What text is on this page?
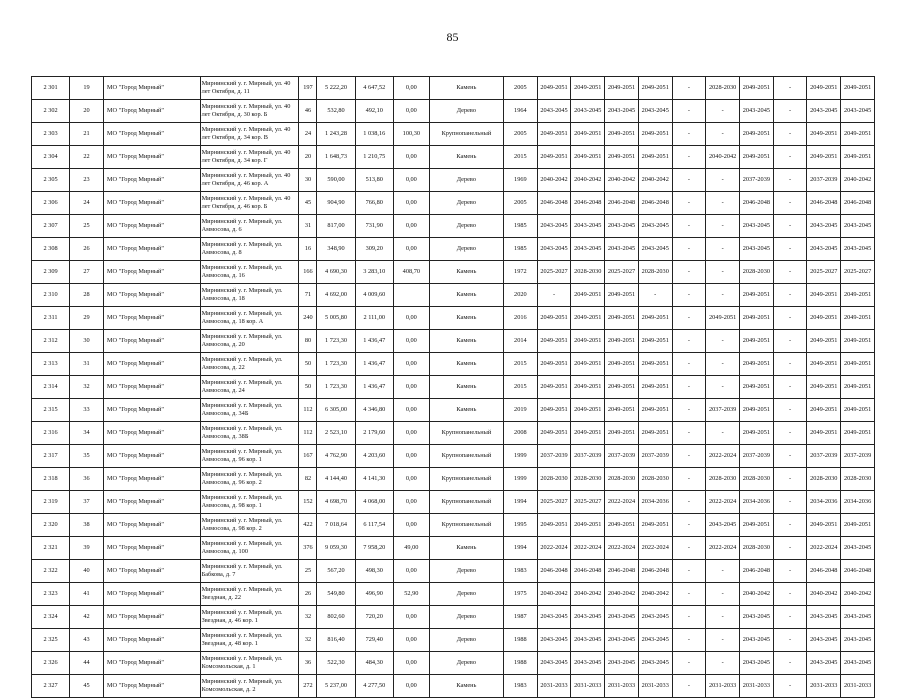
85
2 301	19	МО "Город Мирный"	Мирнинский у. г. Мирный, ул. 40 лет Октября, д. 11	197	5 222,20	4 647,52	0,00	Камень	2005	2049-2051	2049-2051	2049-2051	2049-2051	-	2028-2030	2049-2051	-	2049-2051	2049-2051
2 302	20	МО "Город Мирный"	Мирнинский у. г. Мирный, ул. 40 лет Октября, д. 30 кор. Б	46	532,80	492,10	0,00	Дерево	1964	2043-2045	2043-2045	2043-2045	2043-2045	-	-	2043-2045	-	2043-2045	2043-2045
2 303	21	МО "Город Мирный"	Мирнинский у. г. Мирный, ул. 40 лет Октября, д. 34 кор. В	24	1 243,28	1 038,16	100,30	Крупнопанельный	2005	2049-2051	2049-2051	2049-2051	2049-2051	-	-	2049-2051	-	2049-2051	2049-2051
2 304	22	МО "Город Мирный"	Мирнинский у. г. Мирный, ул. 40 лет Октября, д. 34 кор. Г	20	1 648,73	1 210,75	0,00	Камень	2015	2049-2051	2049-2051	2049-2051	2049-2051	-	2040-2042	2049-2051	-	2049-2051	2049-2051
2 305	23	МО "Город Мирный"	Мирнинский у. г. Мирный, ул. 40 лет Октября, д. 46 кор. А	30	590,00	513,80	0,00	Дерево	1969	2040-2042	2040-2042	2040-2042	2040-2042	-	-	2037-2039	-	2037-2039	2040-2042
2 306	24	МО "Город Мирный"	Мирнинский у. г. Мирный, ул. 40 лет Октября, д. 46 кор. Б	45	904,90	766,80	0,00	Дерево	2005	2046-2048	2046-2048	2046-2048	2046-2048	-	-	2046-2048	-	2046-2048	2046-2048
2 307	25	МО "Город Мирный"	Мирнинский у. г. Мирный, ул. Аммосова, д. 6	31	817,00	731,90	0,00	Дерево	1985	2043-2045	2043-2045	2043-2045	2043-2045	-	-	2043-2045	-	2043-2045	2043-2045
2 308	26	МО "Город Мирный"	Мирнинский у. г. Мирный, ул. Аммосова, д. 8	16	348,90	309,20	0,00	Дерево	1985	2043-2045	2043-2045	2043-2045	2043-2045	-	-	2043-2045	-	2043-2045	2043-2045
2 309	27	МО "Город Мирный"	Мирнинский у. г. Мирный, ул. Аммосова, д. 16	166	4 690,30	3 283,10	408,70	Камень	1972	2025-2027	2028-2030	2025-2027	2028-2030	-	-	2028-2030	-	2025-2027	2025-2027
2 310	28	МО "Город Мирный"	Мирнинский у. г. Мирный, ул. Аммосова, д. 18	71	4 692,00	4 009,60		Камень	2020	-	2049-2051	2049-2051	-	-	-	2049-2051	-	2049-2051	2049-2051
2 311	29	МО "Город Мирный"	Мирнинский у. г. Мирный, ул. Аммосова, д. 18 кор. А	240	5 005,80	2 111,00	0,00	Камень	2016	2049-2051	2049-2051	2049-2051	2049-2051	-	2049-2051	2049-2051	-	2049-2051	2049-2051
2 312	30	МО "Город Мирный"	Мирнинский у. г. Мирный, ул. Аммосова, д. 20	80	1 723,30	1 436,47	0,00	Камень	2014	2049-2051	2049-2051	2049-2051	2049-2051	-	-	2049-2051	-	2049-2051	2049-2051
2 313	31	МО "Город Мирный"	Мирнинский у. г. Мирный, ул. Аммосова, д. 22	50	1 723,30	1 436,47	0,00	Камень	2015	2049-2051	2049-2051	2049-2051	2049-2051	-	-	2049-2051	-	2049-2051	2049-2051
2 314	32	МО "Город Мирный"	Мирнинский у. г. Мирный, ул. Аммосова, д. 24	50	1 723,30	1 436,47	0,00	Камень	2015	2049-2051	2049-2051	2049-2051	2049-2051	-	-	2049-2051	-	2049-2051	2049-2051
2 315	33	МО "Город Мирный"	Мирнинский у. г. Мирный, ул. Аммосова, д. 34Б	112	6 305,00	4 346,80	0,00	Камень	2019	2049-2051	2049-2051	2049-2051	2049-2051	-	2037-2039	2049-2051	-	2049-2051	2049-2051
2 316	34	МО "Город Мирный"	Мирнинский у. г. Мирный, ул. Аммосова, д. 38Б	112	2 523,10	2 179,60	0,00	Крупнопанельный	2008	2049-2051	2049-2051	2049-2051	2049-2051	-	-	2049-2051	-	2049-2051	2049-2051
2 317	35	МО "Город Мирный"	Мирнинский у. г. Мирный, ул. Аммосова, д. 96 кор. 1	167	4 762,90	4 203,60	0,00	Крупнопанельный	1999	2037-2039	2037-2039	2037-2039	2037-2039	-	2022-2024	2037-2039	-	2037-2039	2037-2039
2 318	36	МО "Город Мирный"	Мирнинский у. г. Мирный, ул. Аммосова, д. 96 кор. 2	82	4 144,40	4 141,30	0,00	Крупнопанельный	1999	2028-2030	2028-2030	2028-2030	2028-2030	-	2028-2030	2028-2030	-	2028-2030	2028-2030
2 319	37	МО "Город Мирный"	Мирнинский у. г. Мирный, ул. Аммосова, д. 98 кор. 1	152	4 698,70	4 068,00	0,00	Крупнопанельный	1994	2025-2027	2025-2027	2022-2024	2034-2036	-	2022-2024	2034-2036	-	2034-2036	2034-2036
2 320	38	МО "Город Мирный"	Мирнинский у. г. Мирный, ул. Аммосова, д. 98 кор. 2	422	7 018,64	6 117,54	0,00	Крупнопанельный	1995	2049-2051	2049-2051	2049-2051	2049-2051	-	2043-2045	2049-2051	-	2049-2051	2049-2051
2 321	39	МО "Город Мирный"	Мирнинский у. г. Мирный, ул. Аммосова, д. 100	376	9 059,30	7 958,20	49,00	Камень	1994	2022-2024	2022-2024	2022-2024	2022-2024	-	2022-2024	2028-2030	-	2022-2024	2043-2045
2 322	40	МО "Город Мирный"	Мирнинский у. г. Мирный, ул. Бабкова, д. 7	25	567,20	498,30	0,00	Дерево	1983	2046-2048	2046-2048	2046-2048	2046-2048	-	-	2046-2048	-	2046-2048	2046-2048
2 323	41	МО "Город Мирный"	Мирнинский у. г. Мирный, ул. Звездная, д. 22	26	549,80	496,90	52,90	Дерево	1975	2040-2042	2040-2042	2040-2042	2040-2042	-	-	2040-2042	-	2040-2042	2040-2042
2 324	42	МО "Город Мирный"	Мирнинский у. г. Мирный, ул. Звездная, д. 46 кор. 1	32	802,60	720,20	0,00	Дерево	1987	2043-2045	2043-2045	2043-2045	2043-2045	-	-	2043-2045	-	2043-2045	2043-2045
2 325	43	МО "Город Мирный"	Мирнинский у. г. Мирный, ул. Звездная, д. 48 кор. 1	32	816,40	729,40	0,00	Дерево	1988	2043-2045	2043-2045	2043-2045	2043-2045	-	-	2043-2045	-	2043-2045	2043-2045
2 326	44	МО "Город Мирный"	Мирнинский у. г. Мирный, ул. Комсомольская, д. 1	36	522,30	484,30	0,00	Дерево	1988	2043-2045	2043-2045	2043-2045	2043-2045	-	-	2043-2045	-	2043-2045	2043-2045
2 327	45	МО "Город Мирный"	Мирнинский у. г. Мирный, ул. Комсомольская, д. 2	272	5 237,00	4 277,50	0,00	Камень	1983	2031-2033	2031-2033	2031-2033	2031-2033	-	2031-2033	2031-2033	-	2031-2033	2031-2033
